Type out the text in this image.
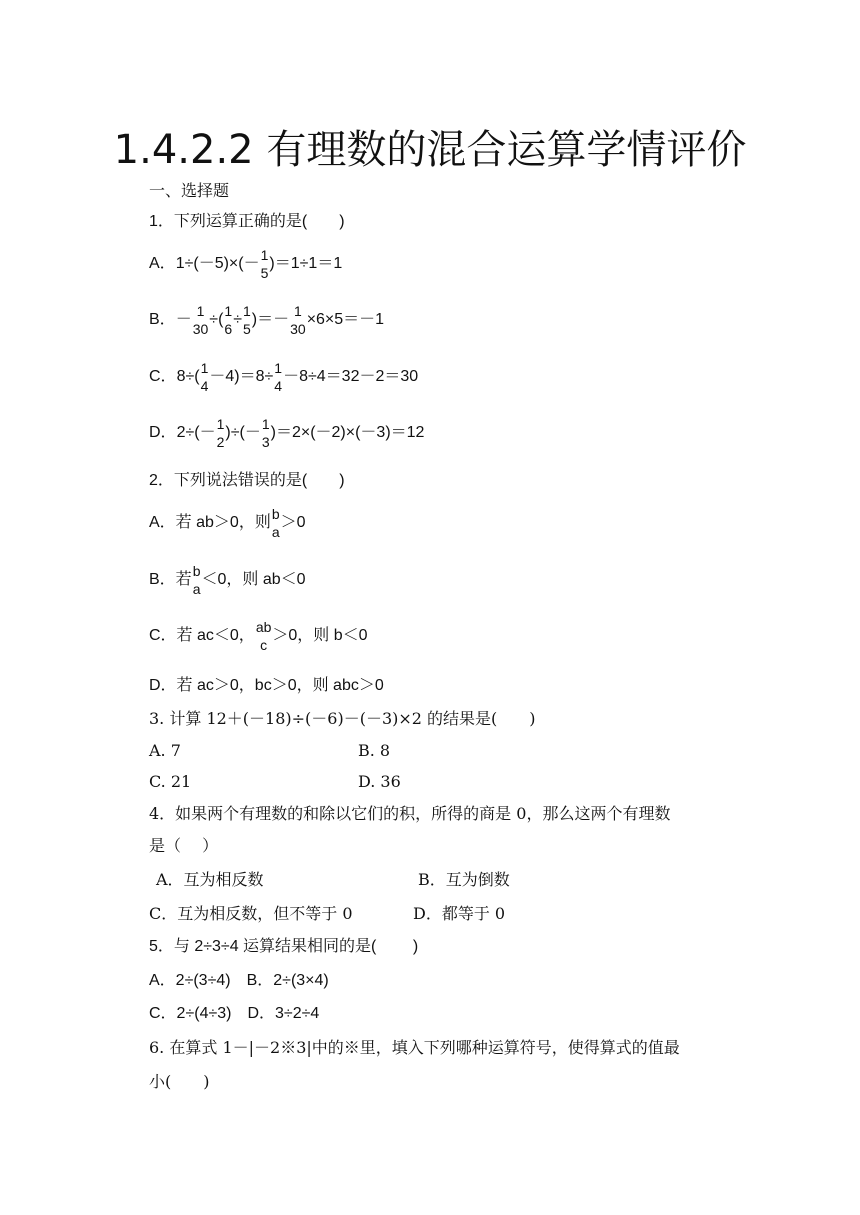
1.4.2.2 有理数的混合运算学情评价
一、选择题
1．下列运算正确的是(　　)
A． 1÷(－5)×(－ 1
5
)＝1÷1＝1
B． － 1
30
÷( 1
6
÷ 1
5
)＝－ 1
30
×6×5＝－1
C． 8÷( 1
4
－4)＝8÷ 1
4
－8÷4＝32－2＝30
D． 2÷(－ 1
2
)÷(－ 1
3
)＝2×(－2)×(－3)＝12
2．下列说法错误的是(　　)
A．若 ab＞0，则 b
a
＞0
B．若 b
a
＜0，则 ab＜0
C．若 ac＜0， ab
c
＞0，则 b＜0
D．若 ac＞0，bc＞0，则 abc＞0
3. 计算 12＋(－18)÷(－6)－(－3)×2 的结果是(　　)
A. 7	B. 8
C. 21	D. 36
4．如果两个有理数的和除以它们的积，所得的商是 0，那么这两个有理数
是（　 ）
A．互为相反数	B．互为倒数
C．互为相反数，但不等于 0	D．都等于 0
5．与 2÷3÷4 运算结果相同的是(　　 )
A．2÷(3÷4)　B．2÷(3×4)
C．2÷(4÷3)　D．3÷2÷4
6. 在算式 1－|－2※3|中的※里，填入下列哪种运算符号，使得算式的值最
小(　　)
